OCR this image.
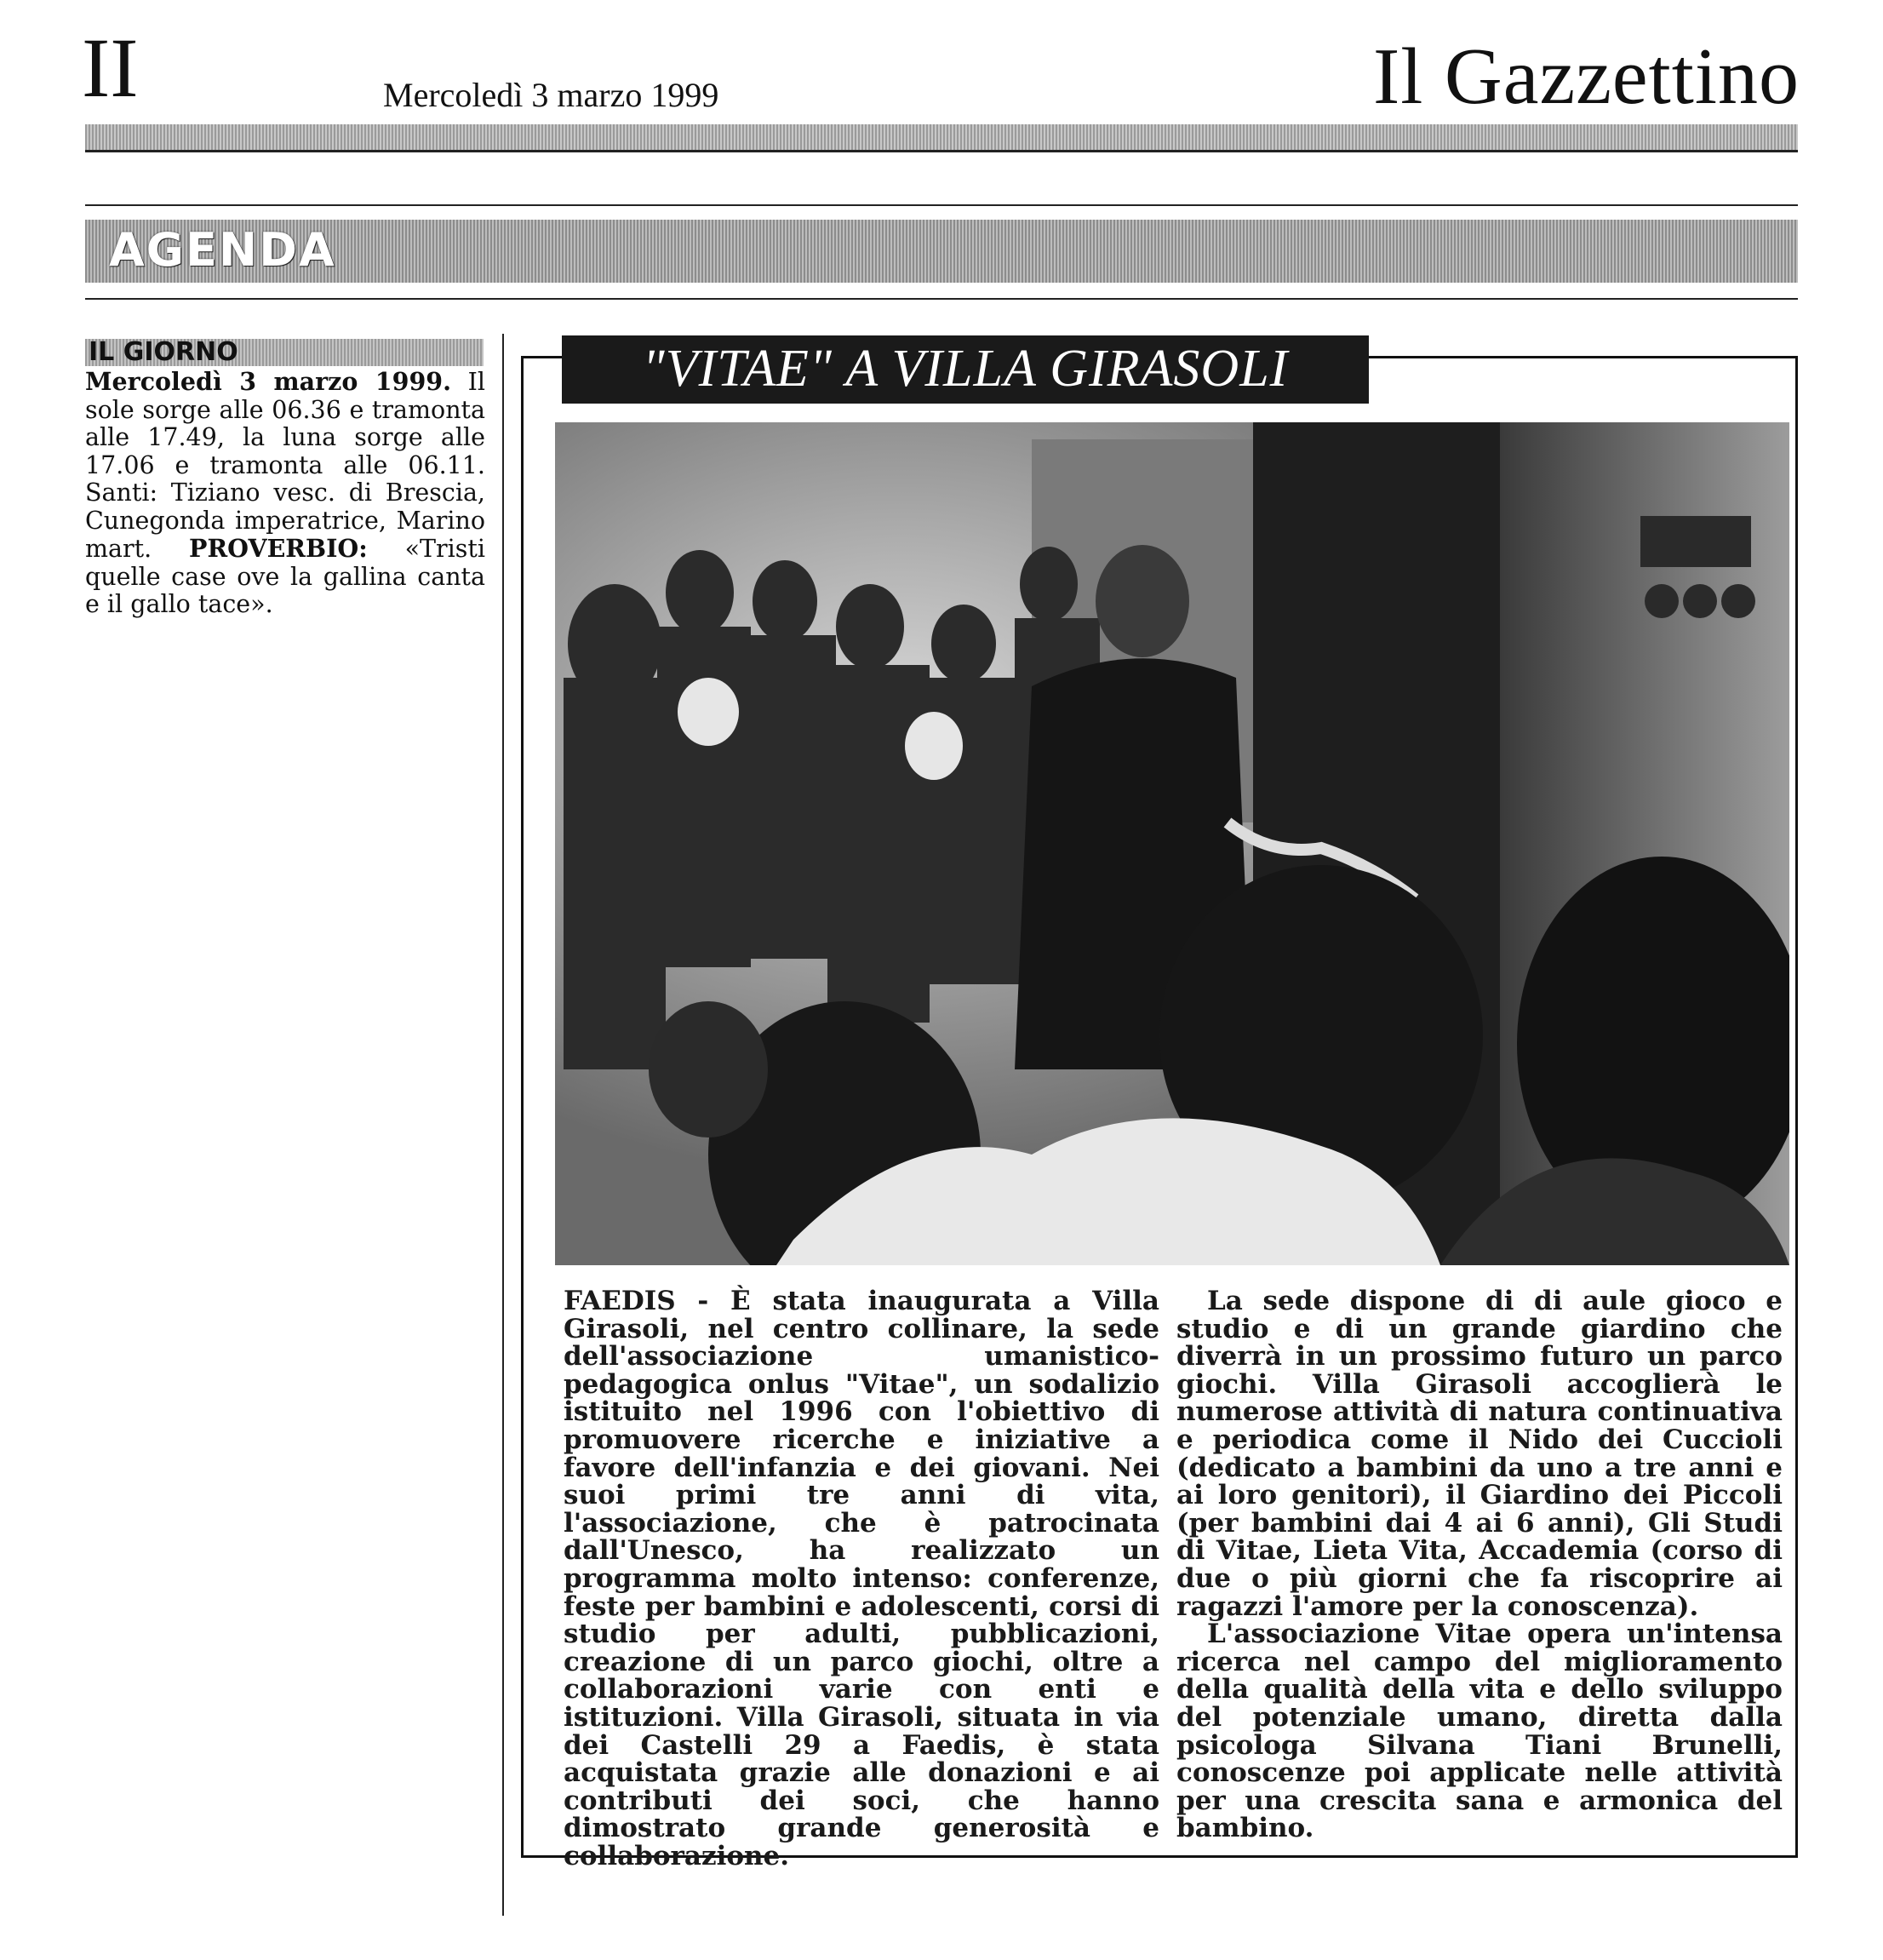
II	Mercoledì 3 marzo 1999	Il Gazzettino
AGENDA
IL GIORNO
Mercoledì 3 marzo 1999. Il sole sorge alle 06.36 e tramonta alle 17.49, la luna sorge alle 17.06 e tramonta alle 06.11. Santi: Tiziano vesc. di Brescia, Cunegonda imperatrice, Marino mart. PROVERBIO: «Tristi quelle case ove la gallina canta e il gallo tace».
"VITAE" A VILLA GIRASOLI

FAEDIS - È stata inaugurata a Villa Girasoli, nel centro collinare, la sede dell'associazione umanistico-pedagogica onlus "Vitae", un sodalizio istituito nel 1996 con l'obiettivo di promuovere ricerche e iniziative a favore dell'infanzia e dei giovani. Nei suoi primi tre anni di vita, l'associazione, che è patrocinata dall'Unesco, ha realizzato un programma molto intenso: conferenze, feste per bambini e adolescenti, corsi di studio per adulti, pubblicazioni, creazione di un parco giochi, oltre a collaborazioni varie con enti e istituzioni. Villa Girasoli, situata in via dei Castelli 29 a Faedis, è stata acquistata grazie alle donazioni e ai contributi dei soci, che hanno dimostrato grande generosità e collaborazione.

La sede dispone di di aule gioco e studio e di un grande giardino che diverrà in un prossimo futuro un parco giochi. Villa Girasoli accoglierà le numerose attività di natura continuativa e periodica come il Nido dei Cuccioli (dedicato a bambini da uno a tre anni e ai loro genitori), il Giardino dei Piccoli (per bambini dai 4 ai 6 anni), Gli Studi di Vitae, Lieta Vita, Accademia (corso di due o più giorni che fa riscoprire ai ragazzi l'amore per la conoscenza).

L'associazione Vitae opera un'intensa ricerca nel campo del miglioramento della qualità della vita e dello sviluppo del potenziale umano, diretta dalla psicologa Silvana Tiani Brunelli, conoscenze poi applicate nelle attività per una crescita sana e armonica del bambino.
